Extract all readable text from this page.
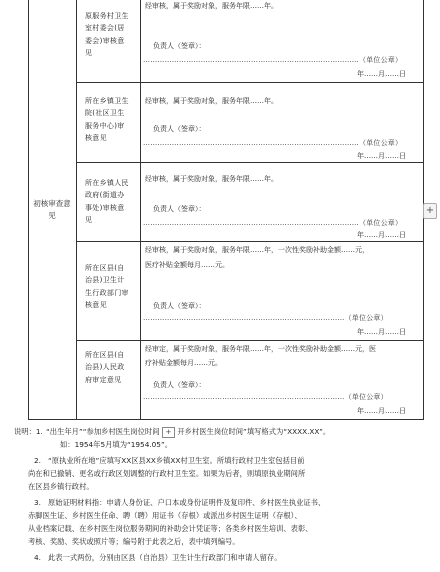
初核审查意见
原服务村卫生室村委会(居委会)审核意见
经审核，属于奖励对象，服务年限……年。
负责人（签章）：
………………………………………………………………………………（单位公章）
年……月……日
所在乡镇卫生院(社区卫生服务中心)审核意见
经审核，属于奖励对象，服务年限……年。
负责人（签章）：
………………………………………………………………………………（单位公章）
年……月……日
所在乡镇人民政府(街道办事处)审核意见
经审核，属于奖励对象，服务年限……年。
负责人（签章）：
………………………………………………………………………………（单位公章）
年……月……日
所在区县(自治县)卫生计生行政部门审核意见
经审核，属于奖励对象，服务年限……年，一次性奖励补助金额……元，
医疗补贴金额每月……元。
负责人（签章）：
…………………………………………………………………………（单位公章）
年……月……日
所在区县(自治县)人民政府审定意见
经审定，属于奖励对象，服务年限……年，一次性奖励补助金额……元，医
疗补贴金额每月……元。
负责人（签章）：
…………………………………………………………………………（单位公章）
年……月……日
+
说明：1. “出生年月”“参加乡村医生岗位时间 + 开乡村医生岗位时间”填写格式为“XXXX.XX”。
如：1954年5月填为“1954.05”。
2. “原执业所在地”应填写XX区县XX乡镇XX村卫生室。所填行政村卫生室包括目前
尚在和已撤销、更名或行政区划调整的行政村卫生室。如果为后者，则填原执业期间所
在区县乡镇行政村。
3. 原始证明材料指：申请人身份证、户口本或身份证明件及复印件、乡村医生执业证书、
赤脚医生证、乡村医生任命、聘（聘）用证书（存根）或派出乡村医生证明（存根）、
从业档案记载、在乡村医生岗位服务期间的补助会计凭证等；各类乡村医生培训、表彰、
考核、奖励、奖状或照片等；编号附于此表之后，表中填列编号。
4. 此表一式两份，分别由区县（自治县）卫生计生行政部门和申请人留存。
